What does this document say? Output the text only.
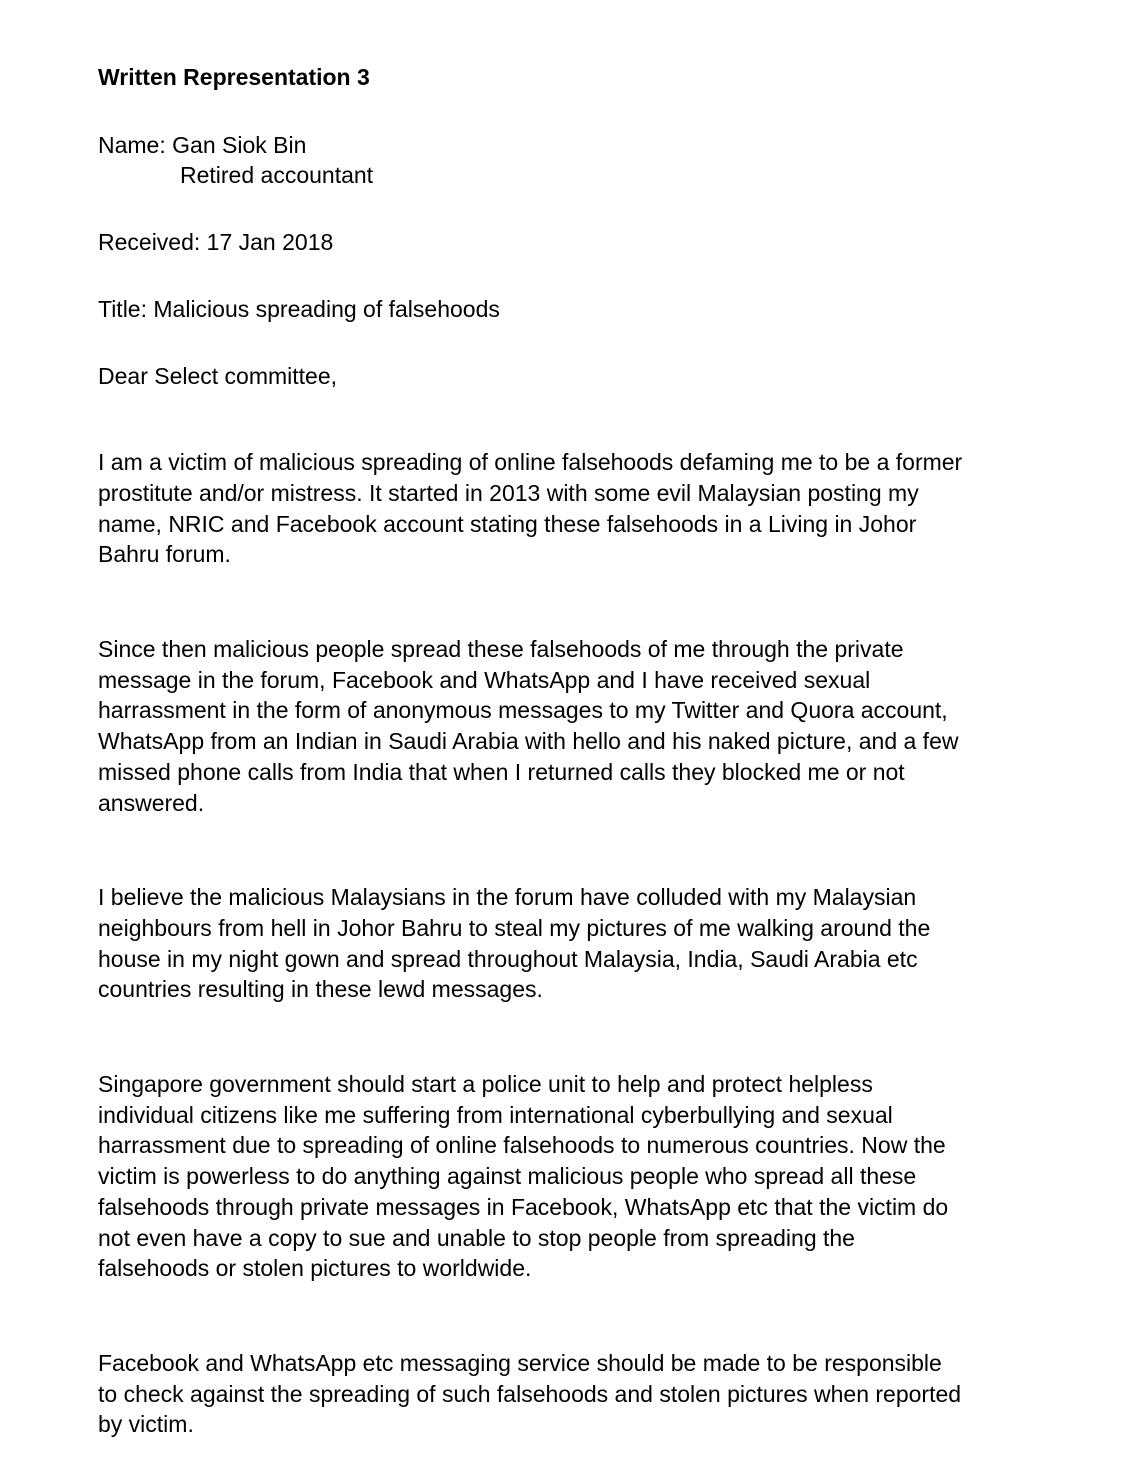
Written Representation 3
Name: Gan Siok Bin
Retired accountant
Received: 17 Jan 2018
Title: Malicious spreading of falsehoods
Dear Select committee,
I am a victim of malicious spreading of online falsehoods defaming me to be a former
prostitute and/or mistress. It started in 2013 with some evil Malaysian posting my
name, NRIC and Facebook account stating these falsehoods in a Living in Johor
Bahru forum.
Since then malicious people spread these falsehoods of me through the private
message in the forum, Facebook and WhatsApp and I have received sexual
harrassment in the form of anonymous messages to my Twitter and Quora account,
WhatsApp from an Indian in Saudi Arabia with hello and his naked picture, and a few
missed phone calls from India that when I returned calls they blocked me or not
answered.
I believe the malicious Malaysians in the forum have colluded with my Malaysian
neighbours from hell in Johor Bahru to steal my pictures of me walking around the
house in my night gown and spread throughout Malaysia, India, Saudi Arabia etc
countries resulting in these lewd messages.
Singapore government should start a police unit to help and protect helpless
individual citizens like me suffering from international cyberbullying and sexual
harrassment due to spreading of online falsehoods to numerous countries. Now the
victim is powerless to do anything against malicious people who spread all these
falsehoods through private messages in Facebook, WhatsApp etc that the victim do
not even have a copy to sue and unable to stop people from spreading the
falsehoods or stolen pictures to worldwide.
Facebook and WhatsApp etc messaging service should be made to be responsible
to check against the spreading of such falsehoods and stolen pictures when reported
by victim.
